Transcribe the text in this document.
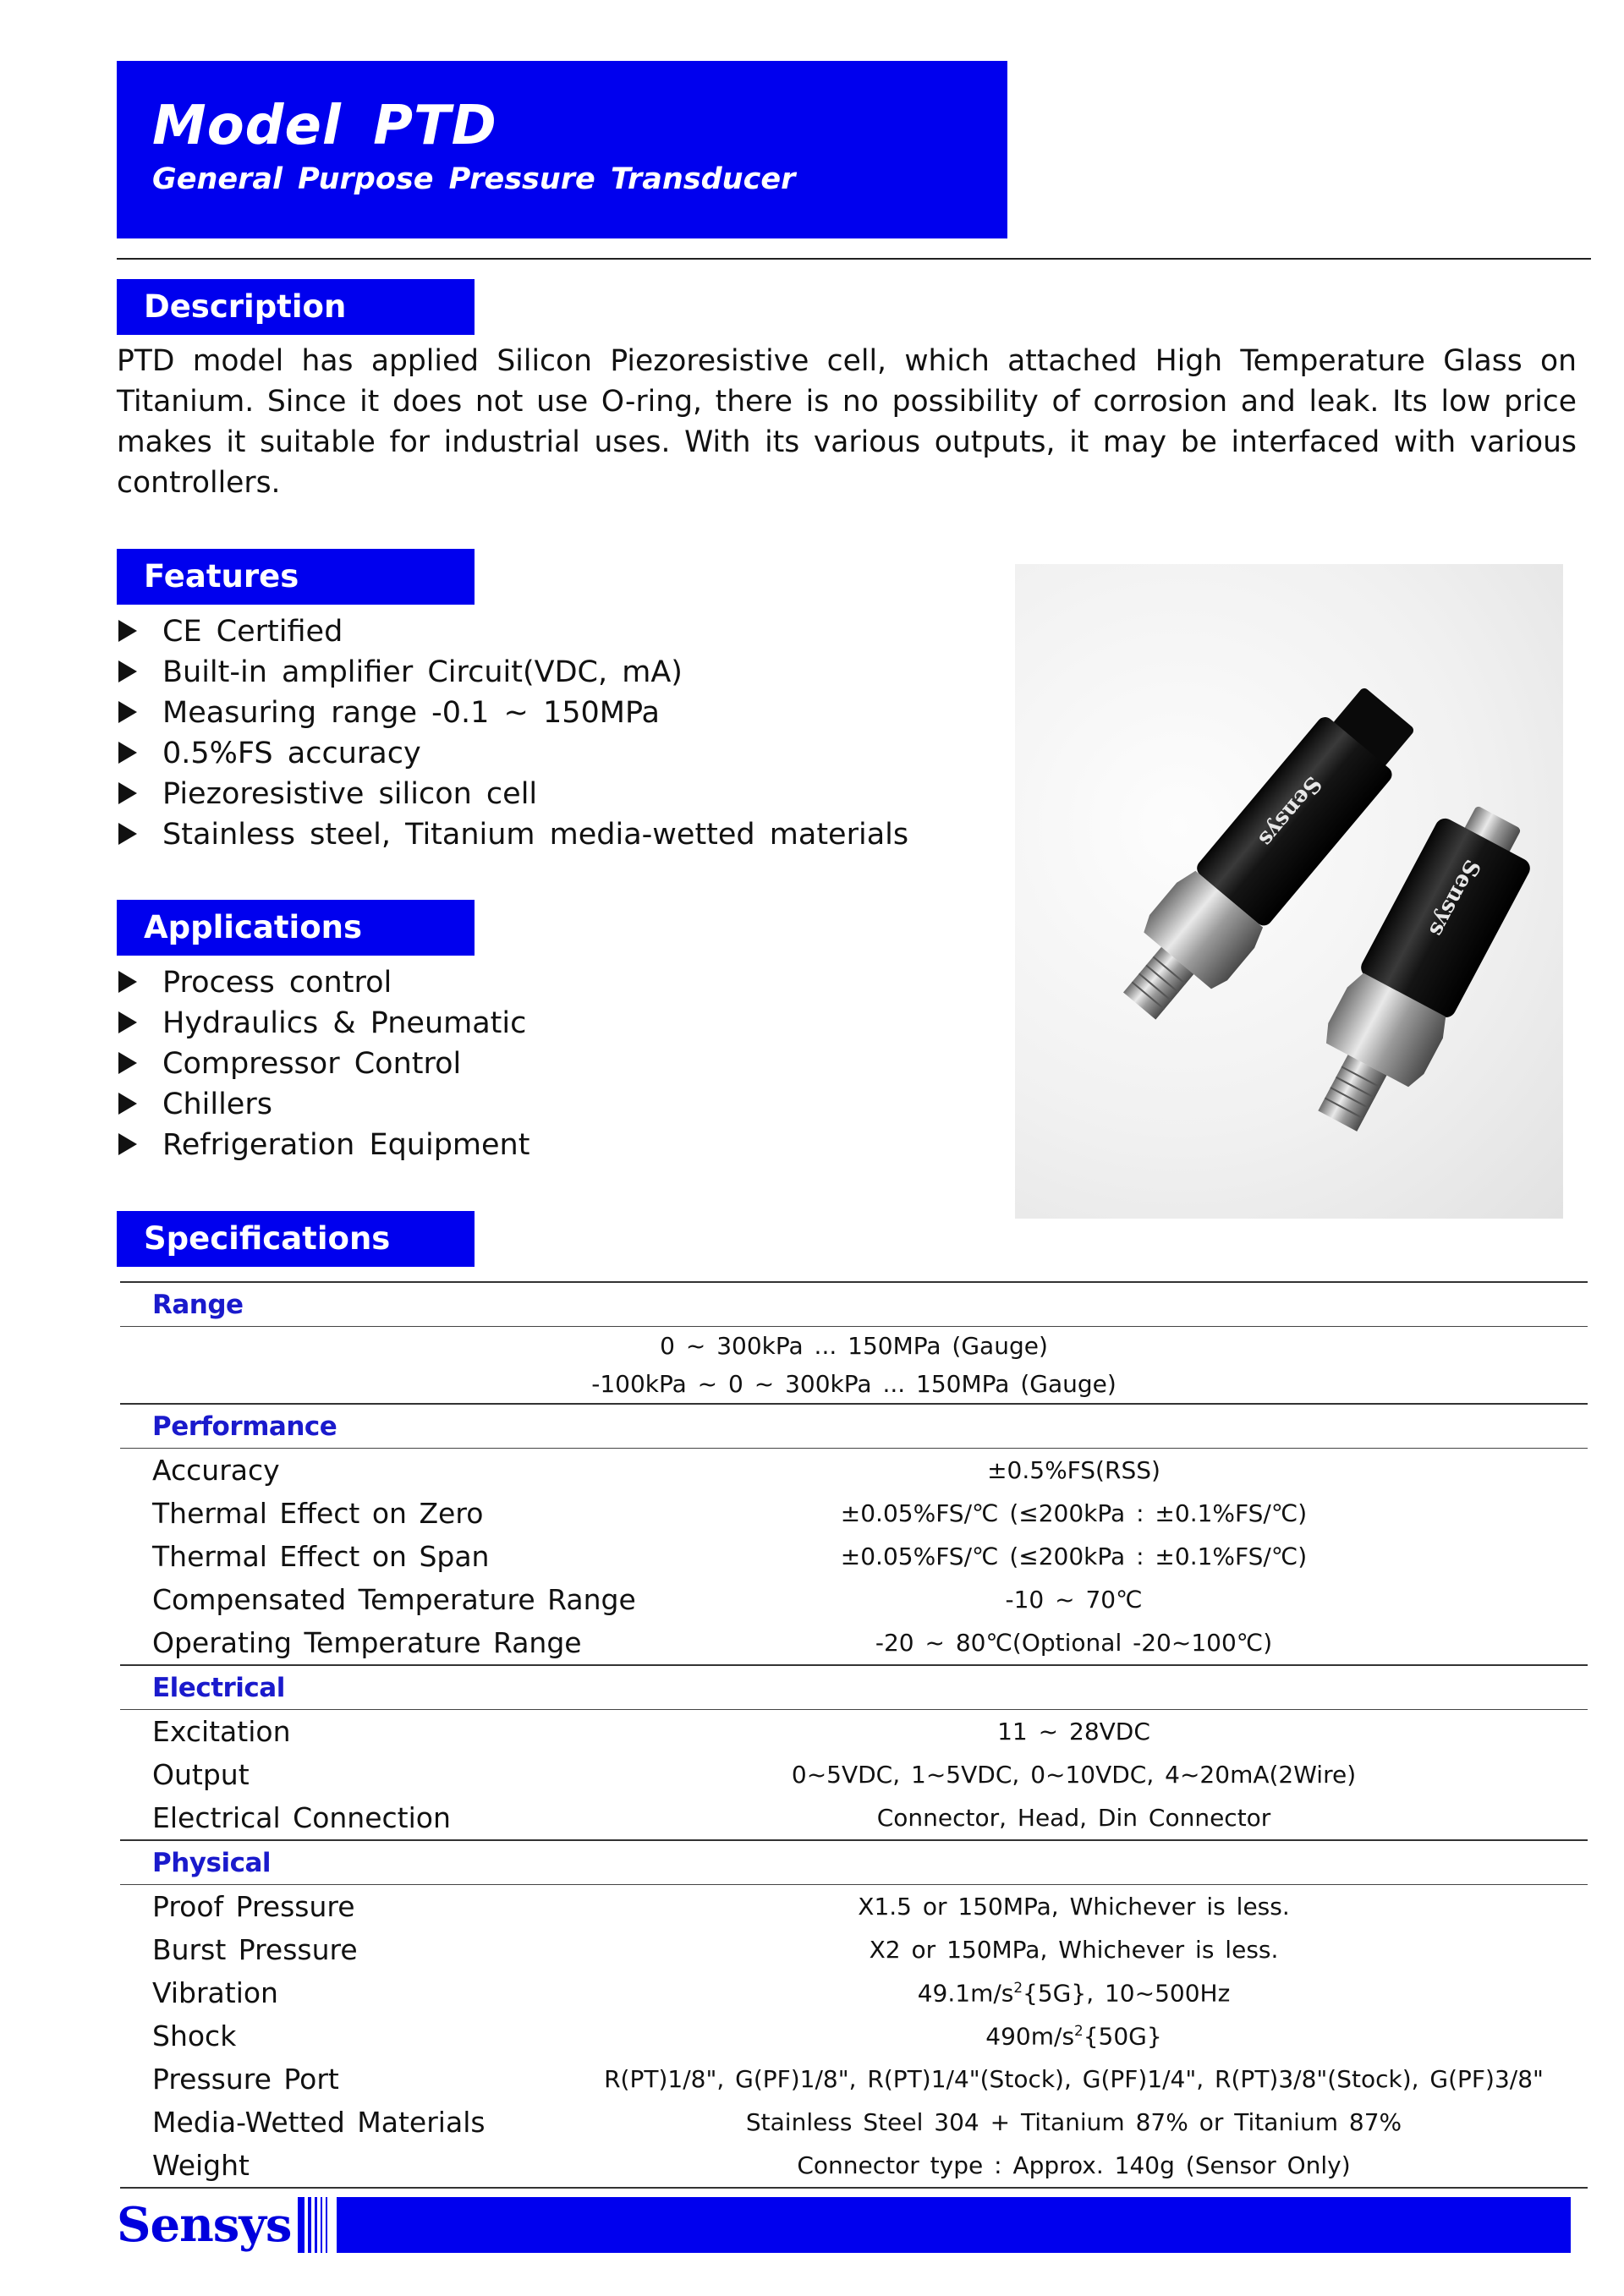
Model PTD
General Purpose Pressure Transducer
Description

PTD model has applied Silicon Piezoresistive cell, which attached High Temperature Glass on Titanium. Since it does not use O-ring, there is no possibility of corrosion and leak. Its low price makes it suitable for industrial uses. With its various outputs, it may be interfaced with various controllers.

Features
CE Certified
Built-in amplifier Circuit(VDC, mA)
Measuring range -0.1 ~ 150MPa
0.5%FS accuracy
Piezoresistive silicon cell
Stainless steel, Titanium media-wetted materials
Applications
Process control
Hydraulics & Pneumatic
Compressor Control
Chillers
Refrigeration Equipment
Sensys
Sensys
Specifications
Range	
0 ~ 300kPa ... 150MPa (Gauge)	
-100kPa ~ 0 ~ 300kPa ... 150MPa (Gauge)	
Performance	
Accuracy	±0.5%FS(RSS)
Thermal Effect on Zero	±0.05%FS/℃ (≤200kPa : ±0.1%FS/℃)
Thermal Effect on Span	±0.05%FS/℃ (≤200kPa : ±0.1%FS/℃)
Compensated Temperature Range	-10 ~ 70℃
Operating Temperature Range	-20 ~ 80℃(Optional -20~100℃)
Electrical	
Excitation	11 ~ 28VDC
Output	0~5VDC, 1~5VDC, 0~10VDC, 4~20mA(2Wire)
Electrical Connection	Connector, Head, Din Connector
Physical	
Proof Pressure	X1.5 or 150MPa, Whichever is less.
Burst Pressure	X2 or 150MPa, Whichever is less.
Vibration	$49.1m/s^2\{5G\}$, 10~500Hz
Shock	$490m/s^2\{50G\}$
Pressure Port	R(PT)1/8", G(PF)1/8", R(PT)1/4"(Stock), G(PF)1/4", R(PT)3/8"(Stock), G(PF)3/8"
Media-Wetted Materials	Stainless Steel 304 + Titanium 87% or Titanium 87%
Weight	Connector type : Approx. 140g (Sensor Only)
Sensys
